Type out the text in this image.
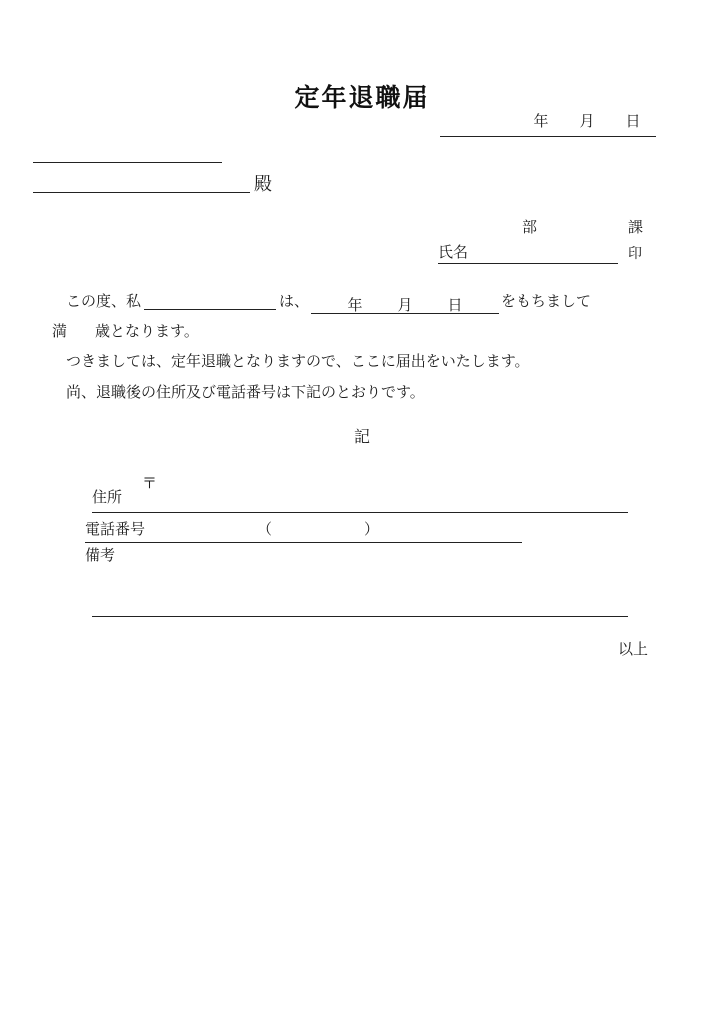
定年退職届
年	月	日
殿
部	課
氏名	印
この度、私	は、	年 月 日	をもちまして
満 歳となります。
つきましては、定年退職となりますので、ここに届出をいたします。
尚、退職後の住所及び電話番号は下記のとおりです。
記
住所
〒
電話番号	（	）
備考
以上
